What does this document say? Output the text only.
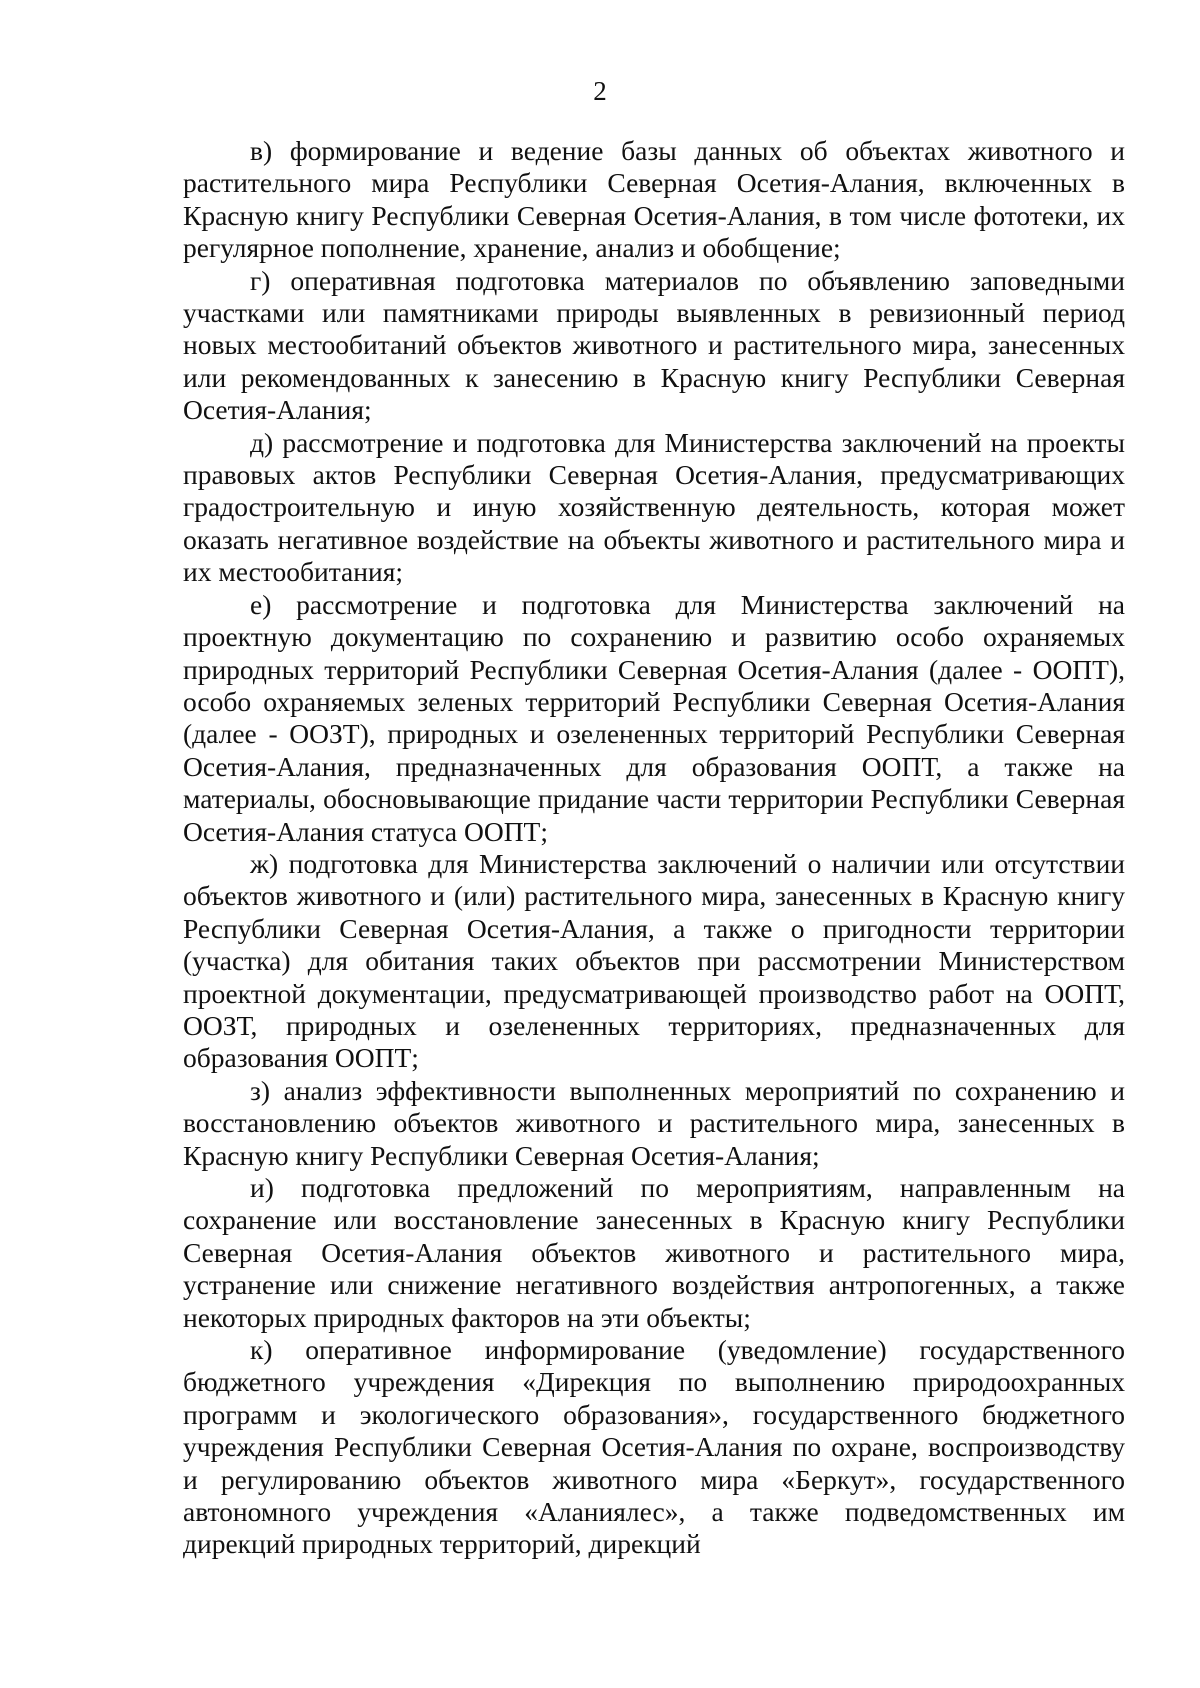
2

в) формирование и ведение базы данных об объектах животного и растительного мира Республики Северная Осетия-Алания, включенных в Красную книгу Республики Северная Осетия-Алания, в том числе фототеки, их регулярное пополнение, хранение, анализ и обобщение;

г) оперативная подготовка материалов по объявлению заповедными участками или памятниками природы выявленных в ревизионный период новых местообитаний объектов животного и растительного мира, занесенных или рекомендованных к занесению в Красную книгу Республики Северная Осетия-Алания;

д) рассмотрение и подготовка для Министерства заключений на проекты правовых актов Республики Северная Осетия-Алания, предусматривающих градостроительную и иную хозяйственную деятельность, которая может оказать негативное воздействие на объекты животного и растительного мира и их местообитания;

е) рассмотрение и подготовка для Министерства заключений на проектную документацию по сохранению и развитию особо охраняемых природных территорий Республики Северная Осетия-Алания (далее - ООПТ), особо охраняемых зеленых территорий Республики Северная Осетия-Алания (далее - ООЗТ), природных и озелененных территорий Республики Северная Осетия-Алания, предназначенных для образования ООПТ, а также на материалы, обосновывающие придание части территории Республики Северная Осетия-Алания статуса ООПТ;

ж) подготовка для Министерства заключений о наличии или отсутствии объектов животного и (или) растительного мира, занесенных в Красную книгу Республики Северная Осетия-Алания, а также о пригодности территории (участка) для обитания таких объектов при рассмотрении Министерством проектной документации, предусматривающей производство работ на ООПТ, ООЗТ, природных и озелененных территориях, предназначенных для образования ООПТ;

з) анализ эффективности выполненных мероприятий по сохранению и восстановлению объектов животного и растительного мира, занесенных в Красную книгу Республики Северная Осетия-Алания;

и) подготовка предложений по мероприятиям, направленным на сохранение или восстановление занесенных в Красную книгу Республики Северная Осетия-Алания объектов животного и растительного мира, устранение или снижение негативного воздействия антропогенных, а также некоторых природных факторов на эти объекты;

к) оперативное информирование (уведомление) государственного бюджетного учреждения «Дирекция по выполнению природоохранных программ и экологического образования», государственного бюджетного учреждения Республики Северная Осетия-Алания по охране, воспроизводству и регулированию объектов животного мира «Беркут», государственного автономного учреждения «Аланиялес», а также подведомственных им дирекций природных территорий, дирекций
